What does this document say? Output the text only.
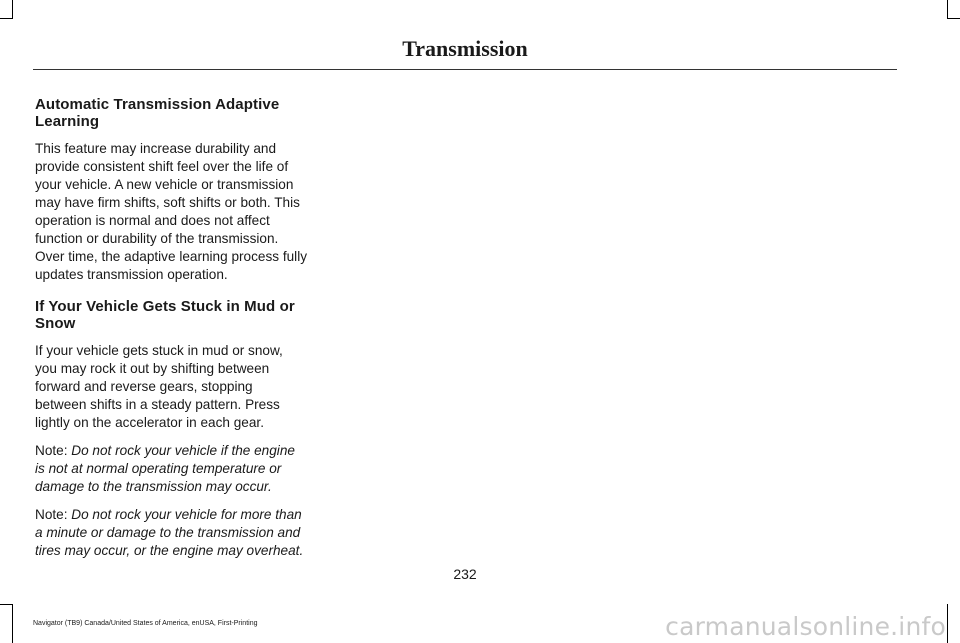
Transmission
Automatic Transmission Adaptive Learning

This feature may increase durability and provide consistent shift feel over the life of your vehicle. A new vehicle or transmission may have firm shifts, soft shifts or both. This operation is normal and does not affect function or durability of the transmission. Over time, the adaptive learning process fully updates transmission operation.

If Your Vehicle Gets Stuck in Mud or Snow

If your vehicle gets stuck in mud or snow, you may rock it out by shifting between forward and reverse gears, stopping between shifts in a steady pattern. Press lightly on the accelerator in each gear.

Note: Do not rock your vehicle if the engine is not at normal operating temperature or damage to the transmission may occur.

Note: Do not rock your vehicle for more than a minute or damage to the transmission and tires may occur, or the engine may overheat.

232
Navigator (TB9) Canada/United States of America, enUSA, First-Printing	carmanualsonline.info
